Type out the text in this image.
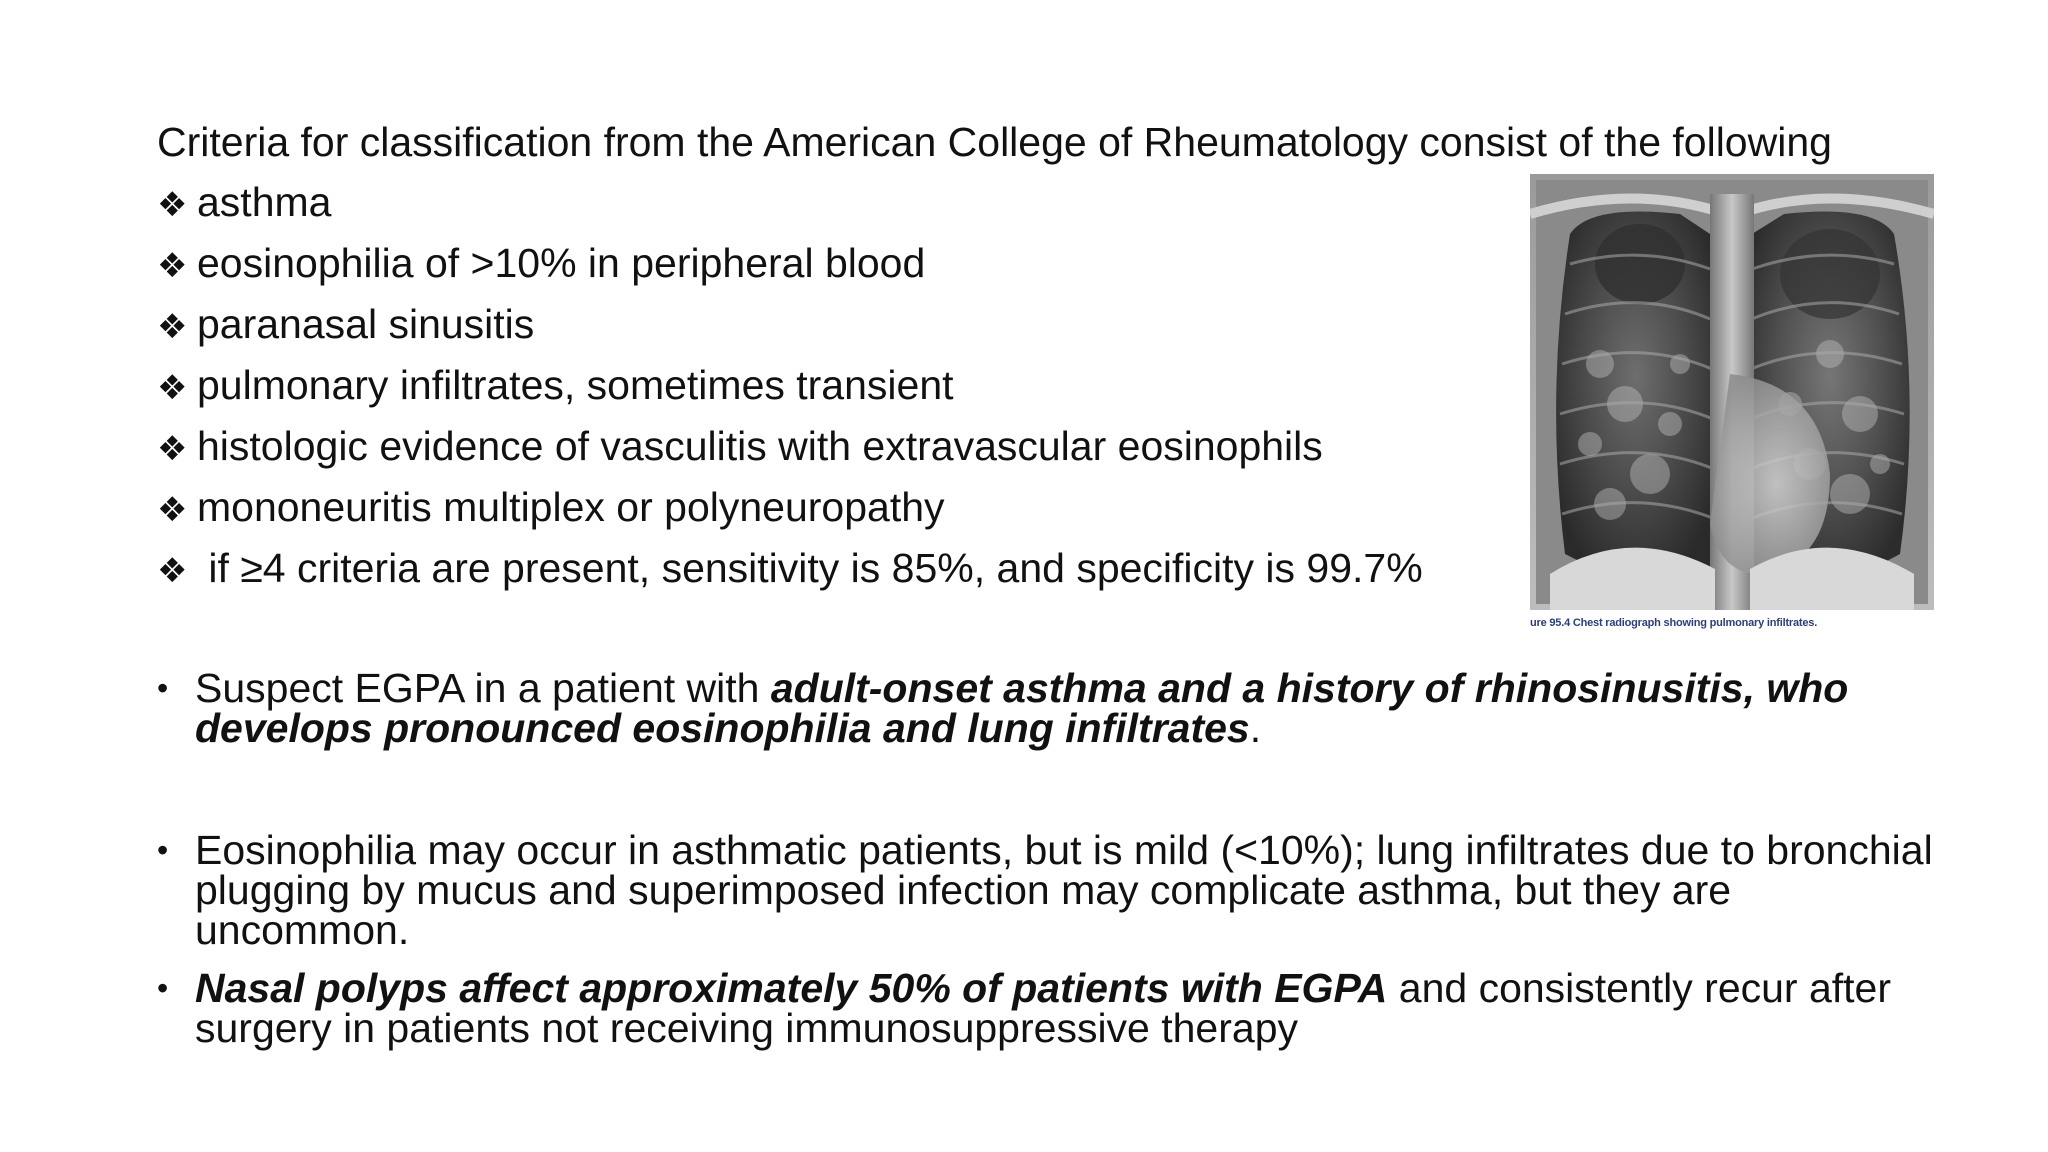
Criteria for classification from the American College of Rheumatology consist of the following
❖ asthma
❖ eosinophilia of >10% in peripheral blood
❖ paranasal sinusitis
❖ pulmonary infiltrates, sometimes transient
❖ histologic evidence of vasculitis with extravascular eosinophils
❖ mononeuritis multiplex or polyneuropathy
❖ if ≥4 criteria are present, sensitivity is 85%, and specificity is 99.7%
ure 95.4 Chest radiograph showing pulmonary infiltrates.
• Suspect EGPA in a patient with adult-onset asthma and a history of rhinosinusitis, who develops pronounced eosinophilia and lung infiltrates.
• Eosinophilia may occur in asthmatic patients, but is mild (<10%); lung infiltrates due to bronchial plugging by mucus and superimposed infection may complicate asthma, but they are uncommon.
• Nasal polyps affect approximately 50% of patients with EGPA and consistently recur after surgery in patients not receiving immunosuppressive therapy
